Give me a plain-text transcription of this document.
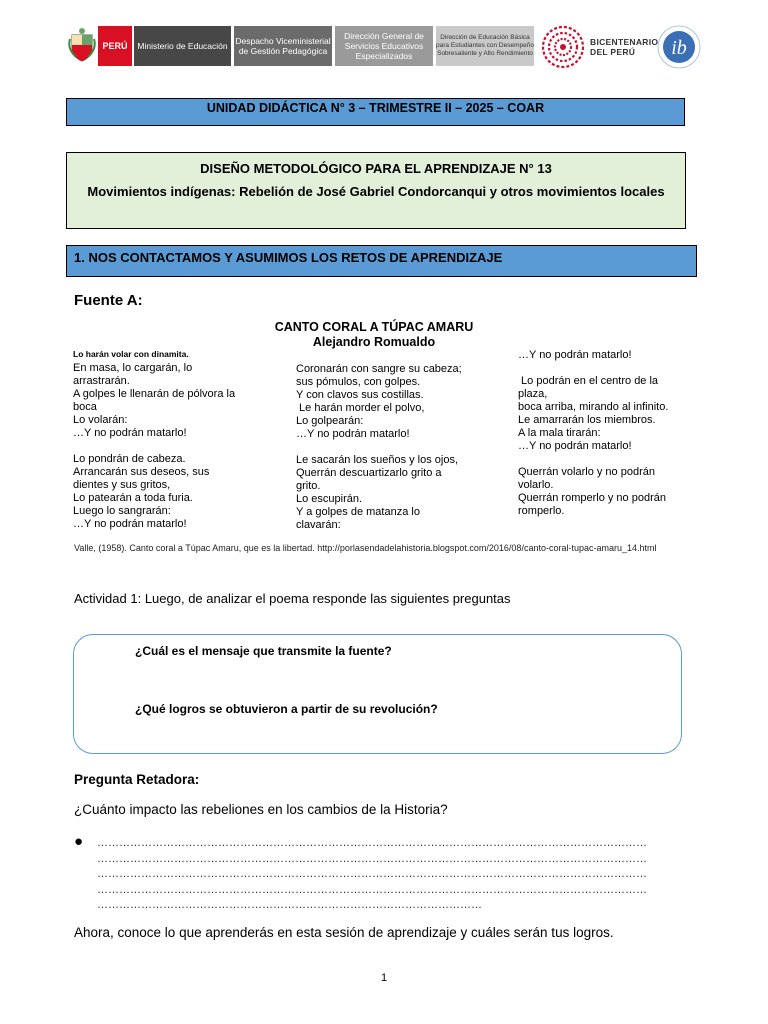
PERÚ	Ministerio de Educación Despacho Viceministerial de Gestión Pedagógica
Dirección General de Servicios Educativos Especializados
Dirección de Educación Básica para Estudiantes con Desempeño Sobresaliente y Alto Rendimiento
BICENTENARIO
DEL PERÚ	ib
UNIDAD DIDÁCTICA N° 3 – TRIMESTRE II – 2025 – COAR
DISEÑO METODOLÓGICO PARA EL APRENDIZAJE N° 13
Movimientos indígenas: Rebelión de José Gabriel Condorcanqui y otros movimientos locales
1. NOS CONTACTAMOS Y ASUMIMOS LOS RETOS DE APRENDIZAJE
Fuente A:
CANTO CORAL A TÚPAC AMARU
Alejandro Romualdo
Lo harán volar con dinamita.
En masa, lo cargarán, lo
arrastrarán.
A golpes le llenarán de pólvora la
boca
Lo volarán:
…Y no podrán matarlo!
Lo pondrán de cabeza.
Arrancarán sus deseos, sus
dientes y sus gritos,
Lo patearán a toda furia.
Luego lo sangrarán:
…Y no podrán matarlo!
Coronarán con sangre su cabeza;
sus pómulos, con golpes.
Y con clavos sus costillas.
Le harán morder el polvo,
Lo golpearán:
…Y no podrán matarlo!
Le sacarán los sueños y los ojos,
Querrán descuartizarlo grito a
grito.
Lo escupirán.
Y a golpes de matanza lo
clavarán:
…Y no podrán matarlo!
Lo podrán en el centro de la
plaza,
boca arriba, mirando al infinito.
Le amarrarán los miembros.
A la mala tirarán:
…Y no podrán matarlo!
Querrán volarlo y no podrán
volarlo.
Querrán romperlo y no podrán
romperlo.
Valle, (1958). Canto coral a Túpac Amaru, que es la libertad. http://porlasendadelahistoria.blogspot.com/2016/08/canto-coral-tupac-amaru_14.html
Actividad 1: Luego, de analizar el poema responde las siguientes preguntas
¿Cuál es el mensaje que transmite la fuente?
¿Qué logros se obtuvieron a partir de su revolución?
Pregunta Retadora:
¿Cuánto impacto las rebeliones en los cambios de la Historia?
● ……………………………………………………………………………………………………………………………………
……………………………………………………………………………………………………………………………………
……………………………………………………………………………………………………………………………………
……………………………………………………………………………………………………………………………………
……………………………………………………………………………………………
Ahora, conoce lo que aprenderás en esta sesión de aprendizaje y cuáles serán tus logros.
1
